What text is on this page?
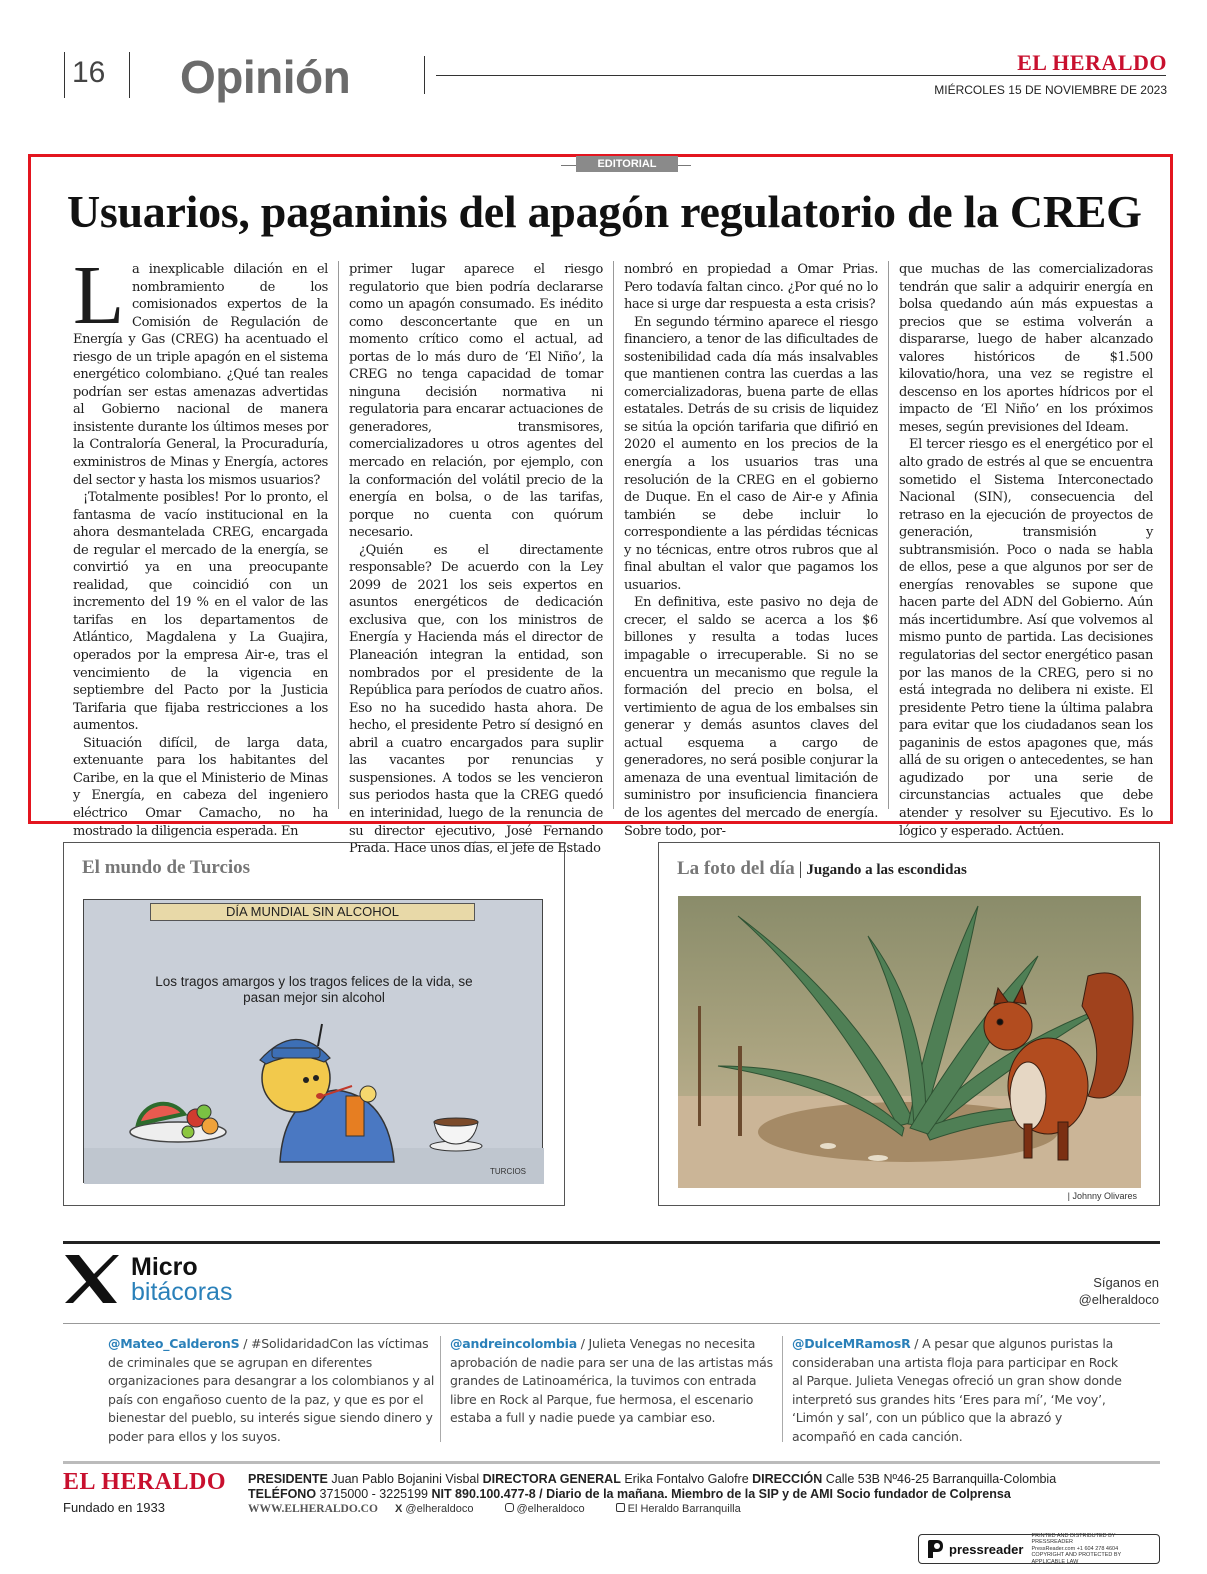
16 Opinión	EL HERALDO
MIÉRCOLES 15 DE NOVIEMBRE DE 2023
EDITORIAL
Usuarios, paganinis del apagón regulatorio de la CREG
L a inexplicable dilación en el nombramiento de los comisionados expertos de la Comisión de Regulación de Energía y Gas (CREG) ha acentuado el riesgo de un triple apagón en el sistema energético colombiano. ¿Qué tan reales podrían ser estas amenazas advertidas al Gobierno nacional de manera insistente durante los últimos meses por la Contraloría General, la Procuraduría, exministros de Minas y Energía, actores del sector y hasta los mismos usuarios?

¡Totalmente posibles! Por lo pronto, el fantasma de vacío institucional en la ahora desmantelada CREG, encargada de regular el mercado de la energía, se convirtió ya en una preocupante realidad, que coincidió con un incremento del 19 % en el valor de las tarifas en los departamentos de Atlántico, Magdalena y La Guajira, operados por la empresa Air-e, tras el vencimiento de la vigencia en septiembre del Pacto por la Justicia Tarifaria que fijaba restricciones a los aumentos.

Situación difícil, de larga data, extenuante para los habitantes del Caribe, en la que el Ministerio de Minas y Energía, en cabeza del ingeniero eléctrico Omar Camacho, no ha mostrado la diligencia esperada. En

primer lugar aparece el riesgo regulatorio que bien podría declararse como un apagón consumado. Es inédito como desconcertante que en un momento crítico como el actual, ad portas de lo más duro de ‘El Niño’, la CREG no tenga capacidad de tomar ninguna decisión normativa ni regulatoria para encarar actuaciones de generadores, transmisores, comercializadores u otros agentes del mercado en relación, por ejemplo, con la conformación del volátil precio de la energía en bolsa, o de las tarifas, porque no cuenta con quórum necesario.

¿Quién es el directamente responsable? De acuerdo con la Ley 2099 de 2021 los seis expertos en asuntos energéticos de dedicación exclusiva que, con los ministros de Energía y Hacienda más el director de Planeación integran la entidad, son nombrados por el presidente de la República para períodos de cuatro años. Eso no ha sucedido hasta ahora. De hecho, el presidente Petro sí designó en abril a cuatro encargados para suplir las vacantes por renuncias y suspensiones. A todos se les vencieron sus periodos hasta que la CREG quedó en interinidad, luego de la renuncia de su director ejecutivo, José Fernando Prada. Hace unos días, el jefe de Estado

nombró en propiedad a Omar Prias. Pero todavía faltan cinco. ¿Por qué no lo hace si urge dar respuesta a esta crisis?

En segundo término aparece el riesgo financiero, a tenor de las dificultades de sostenibilidad cada día más insalvables que mantienen contra las cuerdas a las comercializadoras, buena parte de ellas estatales. Detrás de su crisis de liquidez se sitúa la opción tarifaria que difirió en 2020 el aumento en los precios de la energía a los usuarios tras una resolución de la CREG en el gobierno de Duque. En el caso de Air-e y Afinia también se debe incluir lo correspondiente a las pérdidas técnicas y no técnicas, entre otros rubros que al final abultan el valor que pagamos los usuarios.

En definitiva, este pasivo no deja de crecer, el saldo se acerca a los $6 billones y resulta a todas luces impagable o irrecuperable. Si no se encuentra un mecanismo que regule la formación del precio en bolsa, el vertimiento de agua de los embalses sin generar y demás asuntos claves del actual esquema a cargo de generadores, no será posible conjurar la amenaza de una eventual limitación de suministro por insuficiencia financiera de los agentes del mercado de energía. Sobre todo, por-

que muchas de las comercializadoras tendrán que salir a adquirir energía en bolsa quedando aún más expuestas a precios que se estima volverán a dispararse, luego de haber alcanzado valores históricos de $1.500 kilovatio/hora, una vez se registre el descenso en los aportes hídricos por el impacto de ‘El Niño’ en los próximos meses, según previsiones del Ideam.

El tercer riesgo es el energético por el alto grado de estrés al que se encuentra sometido el Sistema Interconectado Nacional (SIN), consecuencia del retraso en la ejecución de proyectos de generación, transmisión y subtransmisión. Poco o nada se habla de ellos, pese a que algunos por ser de energías renovables se supone que hacen parte del ADN del Gobierno. Aún más incertidumbre. Así que volvemos al mismo punto de partida. Las decisiones regulatorias del sector energético pasan por las manos de la CREG, pero si no está integrada no delibera ni existe. El presidente Petro tiene la última palabra para evitar que los ciudadanos sean los paganinis de estos apagones que, más allá de su origen o antecedentes, se han agudizado por una serie de circunstancias actuales que debe atender y resolver su Ejecutivo. Es lo lógico y esperado. Actúen.

El mundo de Turcios
DÍA MUNDIAL SIN ALCOHOL
Los tragos amargos y los tragos felices de la vida, se pasan mejor sin alcohol
TURCIOS
La foto del día | Jugando a las escondidas
| Johnny Olivares
Micro
bitácoras	Síganos en
@elheraldoco
@Mateo_CalderonS / #SolidaridadCon las víctimas de criminales que se agrupan en diferentes organizaciones para desangrar a los colombianos y al país con engañoso cuento de la paz, y que es por el bienestar del pueblo, su interés sigue siendo dinero y poder para ellos y los suyos.
@andreincolombia / Julieta Venegas no necesita aprobación de nadie para ser una de las artistas más grandes de Latinoamérica, la tuvimos con entrada libre en Rock al Parque, fue hermosa, el escenario estaba a full y nadie puede ya cambiar eso.
@DulceMRamosR / A pesar que algunos puristas la consideraban una artista floja para participar en Rock al Parque. Julieta Venegas ofreció un gran show donde interpretó sus grandes hits ‘Eres para mí’, ‘Me voy’, ‘Limón y sal’, con un público que la abrazó y acompañó en cada canción.
EL HERALDO
Fundado en 1933
PRESIDENTE Juan Pablo Bojanini Visbal DIRECTORA GENERAL Erika Fontalvo Galofre DIRECCIÓN Calle 53B Nº46-25 Barranquilla-Colombia
TELÉFONO 3715000 - 3225199 NIT 890.100.477-8 / Diario de la mañana. Miembro de la SIP y de AMI Socio fundador de Colprensa
WWW.ELHERALDO.CO X @elheraldoco	@elheraldoco	El Heraldo Barranquilla
pressreader
PRINTED AND DISTRIBUTED BY PRESSREADER
PressReader.com +1 604 278 4604
COPYRIGHT AND PROTECTED BY APPLICABLE LAW
